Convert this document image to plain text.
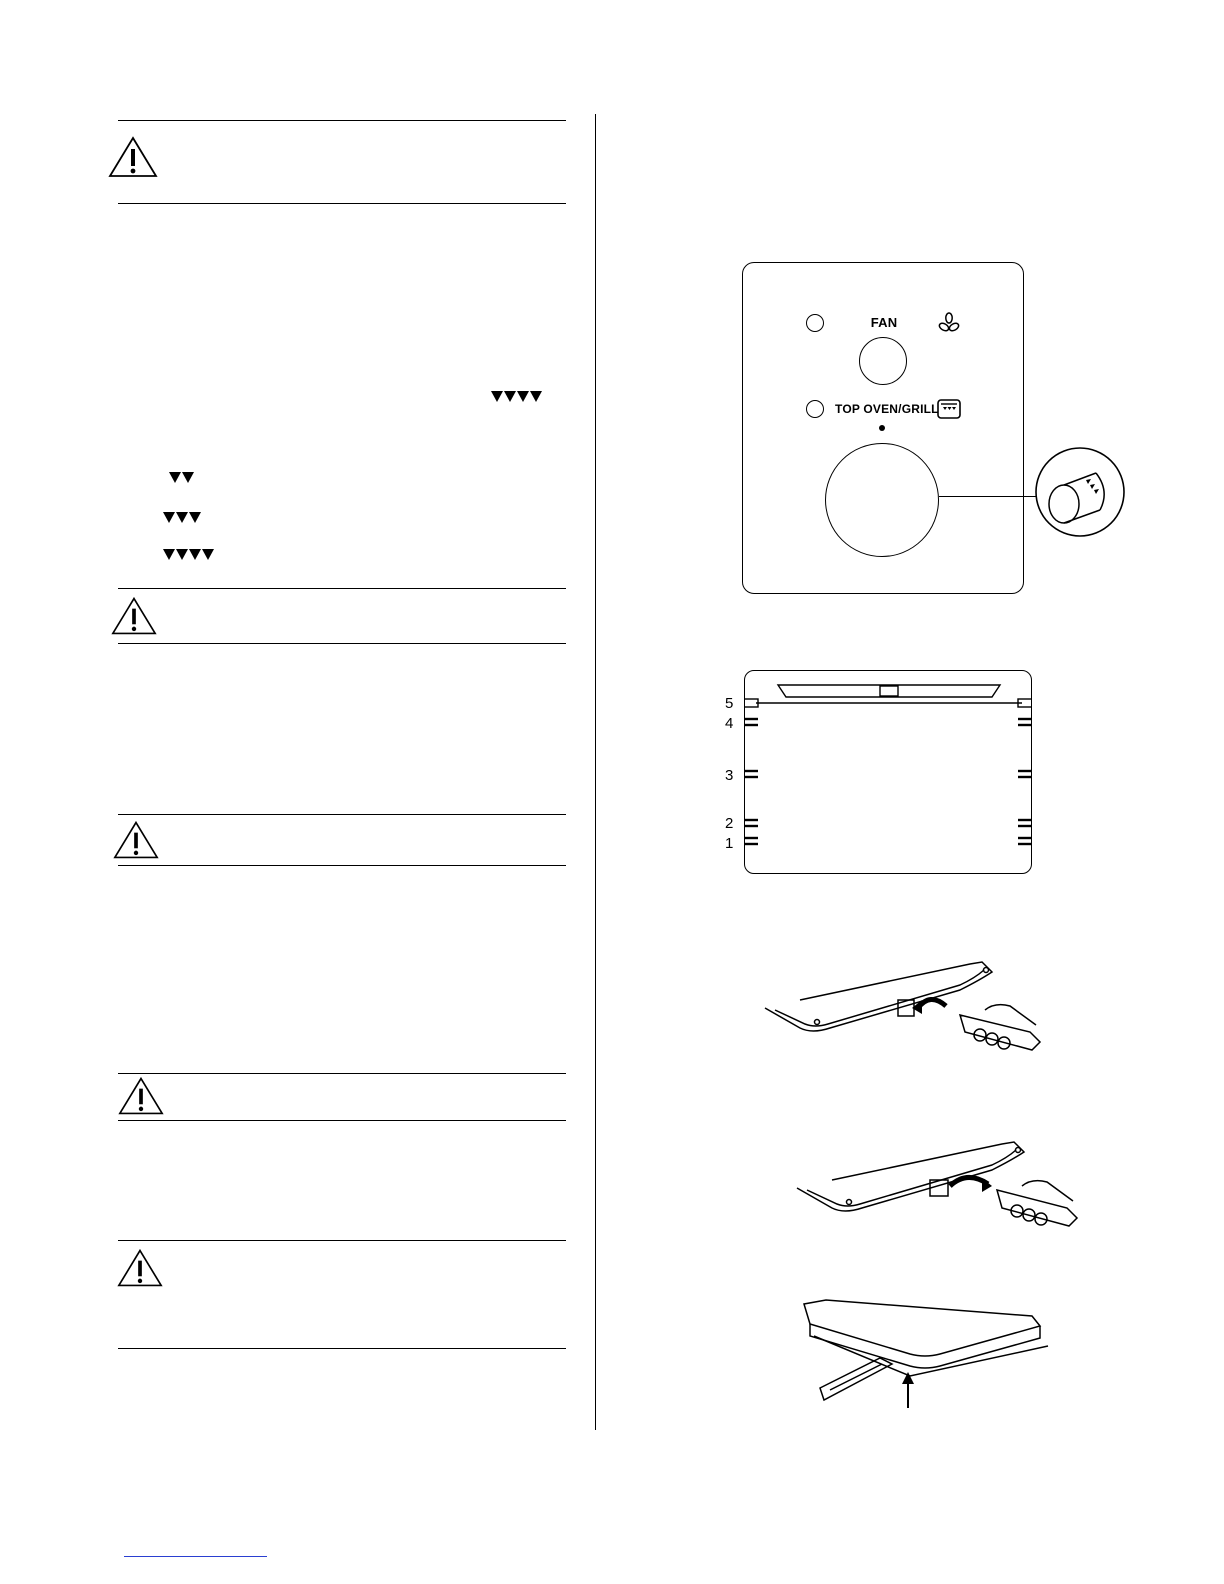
FAN
TOP OVEN/GRILL
5
4
3
2
1
